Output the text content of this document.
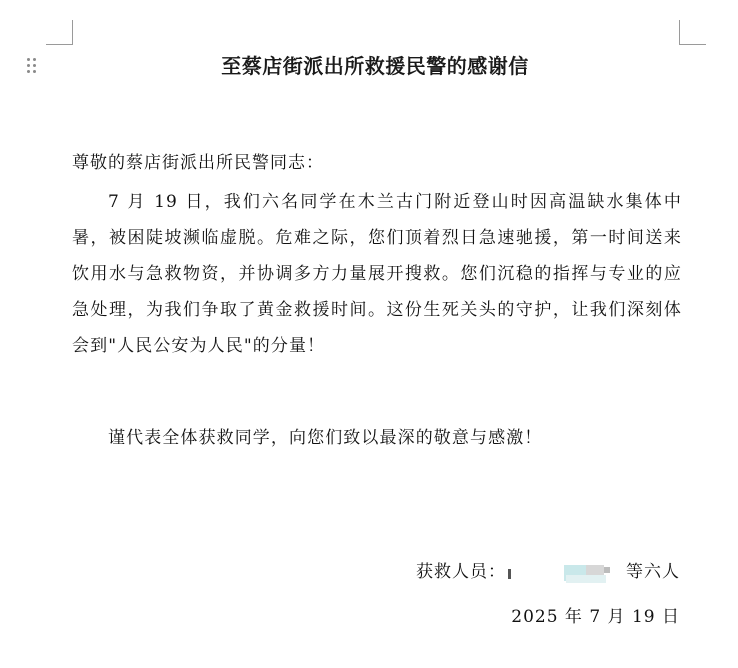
至蔡店街派出所救援民警的感谢信
尊敬的蔡店街派出所民警同志：
7 月 19 日，我们六名同学在木兰古门附近登山时因高温缺水集体中暑，被困陡坡濒临虚脱。危难之际，您们顶着烈日急速驰援，第一时间送来饮用水与急救物资，并协调多方力量展开搜救。您们沉稳的指挥与专业的应急处理，为我们争取了黄金救援时间。这份生死关头的守护，让我们深刻体会到"人民公安为人民"的分量！
谨代表全体获救同学，向您们致以最深的敬意与感激！
获救人员：	等六人
2025 年 7 月 19 日
